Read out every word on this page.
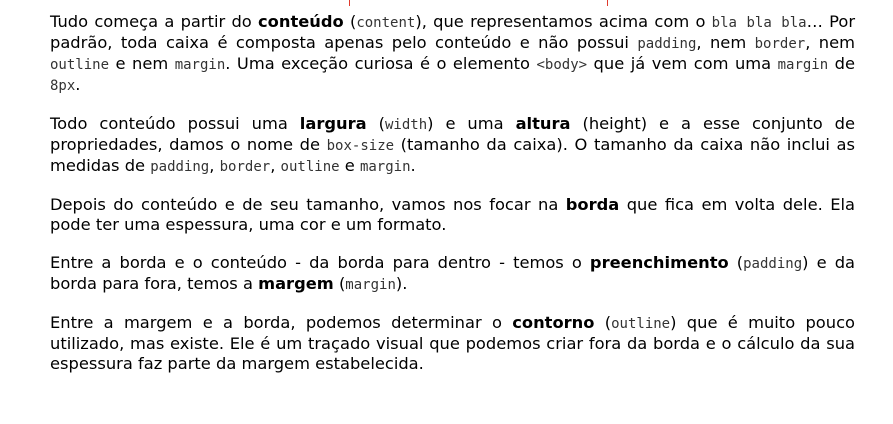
Tudo começa a partir do conteúdo (content), que representamos acima com o bla bla bla… Por padrão, toda caixa é composta apenas pelo conteúdo e não possui padding, nem border, nem outline e nem margin. Uma exceção curiosa é o elemento <body> que já vem com uma margin de 8px.

Todo conteúdo possui uma largura (width) e uma altura (height) e a esse conjunto de propriedades, damos o nome de box-size (tamanho da caixa). O tamanho da caixa não inclui as medidas de padding, border, outline e margin.

Depois do conteúdo e de seu tamanho, vamos nos focar na borda que fica em volta dele. Ela pode ter uma espessura, uma cor e um formato.

Entre a borda e o conteúdo - da borda para dentro - temos o preenchimento (padding) e da borda para fora, temos a margem (margin).

Entre a margem e a borda, podemos determinar o contorno (outline) que é muito pouco utilizado, mas existe. Ele é um traçado visual que podemos criar fora da borda e o cálculo da sua espessura faz parte da margem estabelecida.
